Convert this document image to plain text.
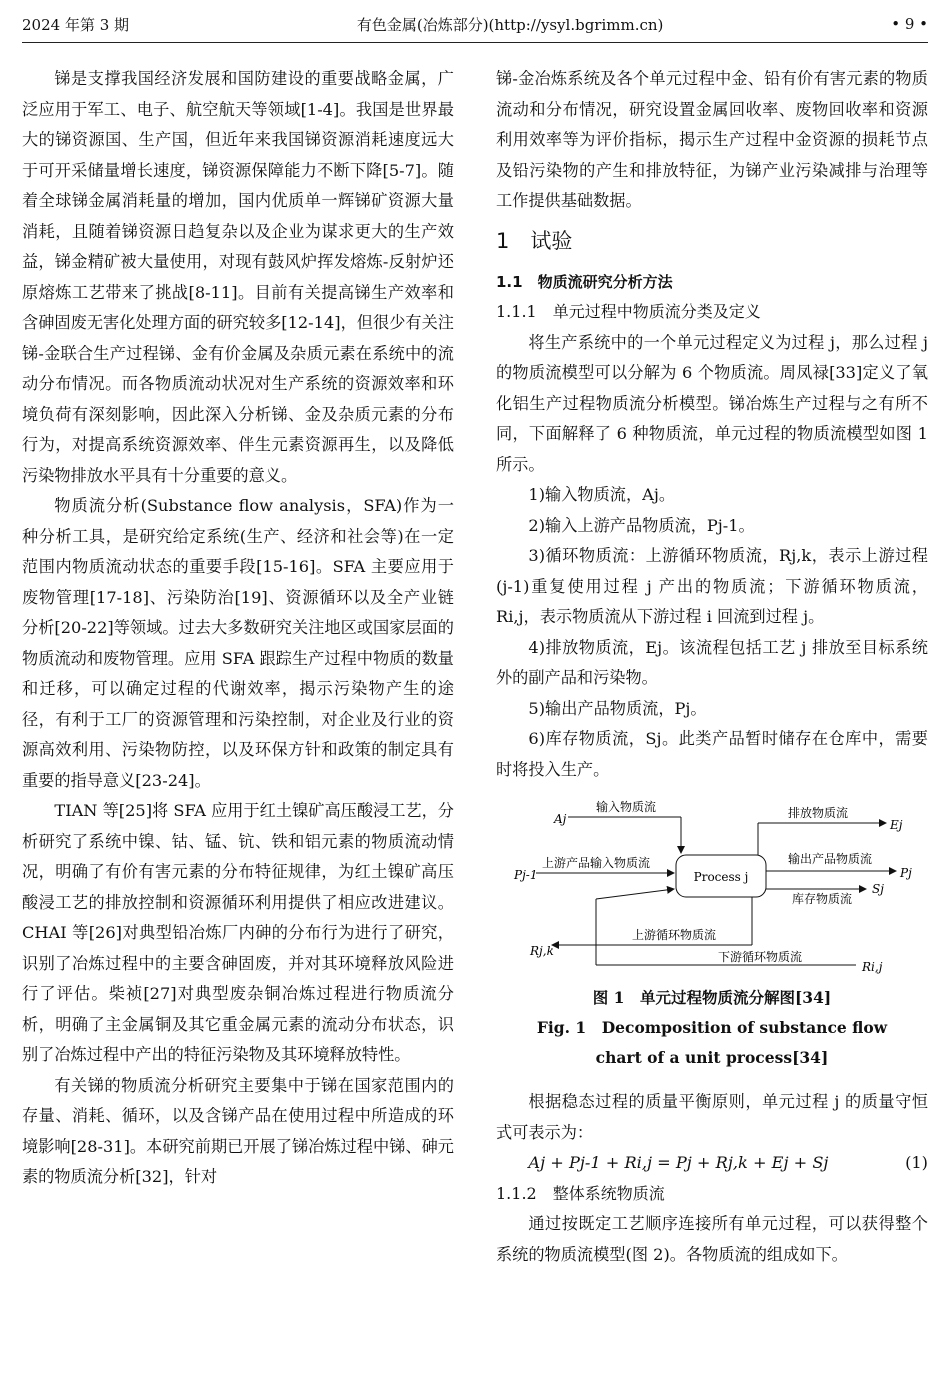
2024 年第 3 期	有色金属(冶炼部分)(http://ysyl.bgrimm.cn)	• 9 •

锑是支撑我国经济发展和国防建设的重要战略金属，广泛应用于军工、电子、航空航天等领域[1-4]。我国是世界最大的锑资源国、生产国，但近年来我国锑资源消耗速度远大于可开采储量增长速度，锑资源保障能力不断下降[5-7]。随着全球锑金属消耗量的增加，国内优质单一辉锑矿资源大量消耗，且随着锑资源日趋复杂以及企业为谋求更大的生产效益，锑金精矿被大量使用，对现有鼓风炉挥发熔炼-反射炉还原熔炼工艺带来了挑战[8-11]。目前有关提高锑生产效率和含砷固废无害化处理方面的研究较多[12-14]，但很少有关注锑-金联合生产过程锑、金有价金属及杂质元素在系统中的流动分布情况。而各物质流动状况对生产系统的资源效率和环境负荷有深刻影响，因此深入分析锑、金及杂质元素的分布行为，对提高系统资源效率、伴生元素资源再生，以及降低污染物排放水平具有十分重要的意义。

物质流分析(Substance flow analysis，SFA)作为一种分析工具，是研究给定系统(生产、经济和社会等)在一定范围内物质流动状态的重要手段[15-16]。SFA 主要应用于废物管理[17-18]、污染防治[19]、资源循环以及全产业链分析[20-22]等领域。过去大多数研究关注地区或国家层面的物质流动和废物管理。应用 SFA 跟踪生产过程中物质的数量和迁移，可以确定过程的代谢效率，揭示污染物产生的途径，有利于工厂的资源管理和污染控制，对企业及行业的资源高效利用、污染物防控，以及环保方针和政策的制定具有重要的指导意义[23-24]。

TIAN 等[25]将 SFA 应用于红土镍矿高压酸浸工艺，分析研究了系统中镍、钴、锰、钪、铁和铝元素的物质流动情况，明确了有价有害元素的分布特征规律，为红土镍矿高压酸浸工艺的排放控制和资源循环利用提供了相应改进建议。CHAI 等[26]对典型铅冶炼厂内砷的分布行为进行了研究，识别了冶炼过程中的主要含砷固废，并对其环境释放风险进行了评估。柴祯[27]对典型废杂铜冶炼过程进行物质流分析，明确了主金属铜及其它重金属元素的流动分布状态，识别了冶炼过程中产出的特征污染物及其环境释放特性。

有关锑的物质流分析研究主要集中于锑在国家范围内的存量、消耗、循环，以及含锑产品在使用过程中所造成的环境影响[28-31]。本研究前期已开展了锑冶炼过程中锑、砷元素的物质流分析[32]，针对

锑-金冶炼系统及各个单元过程中金、铅有价有害元素的物质流动和分布情况，研究设置金属回收率、废物回收率和资源利用效率等为评价指标，揭示生产过程中金资源的损耗节点及铅污染物的产生和排放特征，为锑产业污染减排与治理等工作提供基础数据。

1　试验
1.1　物质流研究分析方法
1.1.1　单元过程中物质流分类及定义

将生产系统中的一个单元过程定义为过程 j，那么过程 j 的物质流模型可以分解为 6 个物质流。周凤禄[33]定义了氧化铝生产过程物质流分析模型。锑冶炼生产过程与之有所不同，下面解释了 6 种物质流，单元过程的物质流模型如图 1 所示。

1)输入物质流，Aj。

2)输入上游产品物质流，Pj-1。

3)循环物质流：上游循环物质流，Rj,k，表示上游过程(j-1)重复使用过程 j 产出的物质流；下游循环物质流，Ri,j，表示物质流从下游过程 i 回流到过程 j。

4)排放物质流，Ej。该流程包括工艺 j 排放至目标系统外的副产品和污染物。

5)输出产品物质流，Pj。

6)库存物质流，Sj。此类产品暂时储存在仓库中，需要时将投入生产。

Process j
Aj
输入物质流
Pj-1
上游产品输入物质流
排放物质流
Ej
输出产品物质流
Pj
库存物质流
Sj
上游循环物质流
Rj,k	下游循环物质流
Ri,j
图 1　单元过程物质流分解图[34]
Fig. 1　Decomposition of substance flow
chart of a unit process[34]

根据稳态过程的质量平衡原则，单元过程 j 的质量守恒式可表示为：

Aj + Pj-1 + Ri,j = Pj + Rj,k + Ej + Sj	(1)
1.1.2　整体系统物质流

通过按既定工艺顺序连接所有单元过程，可以获得整个系统的物质流模型(图 2)。各物质流的组成如下。
